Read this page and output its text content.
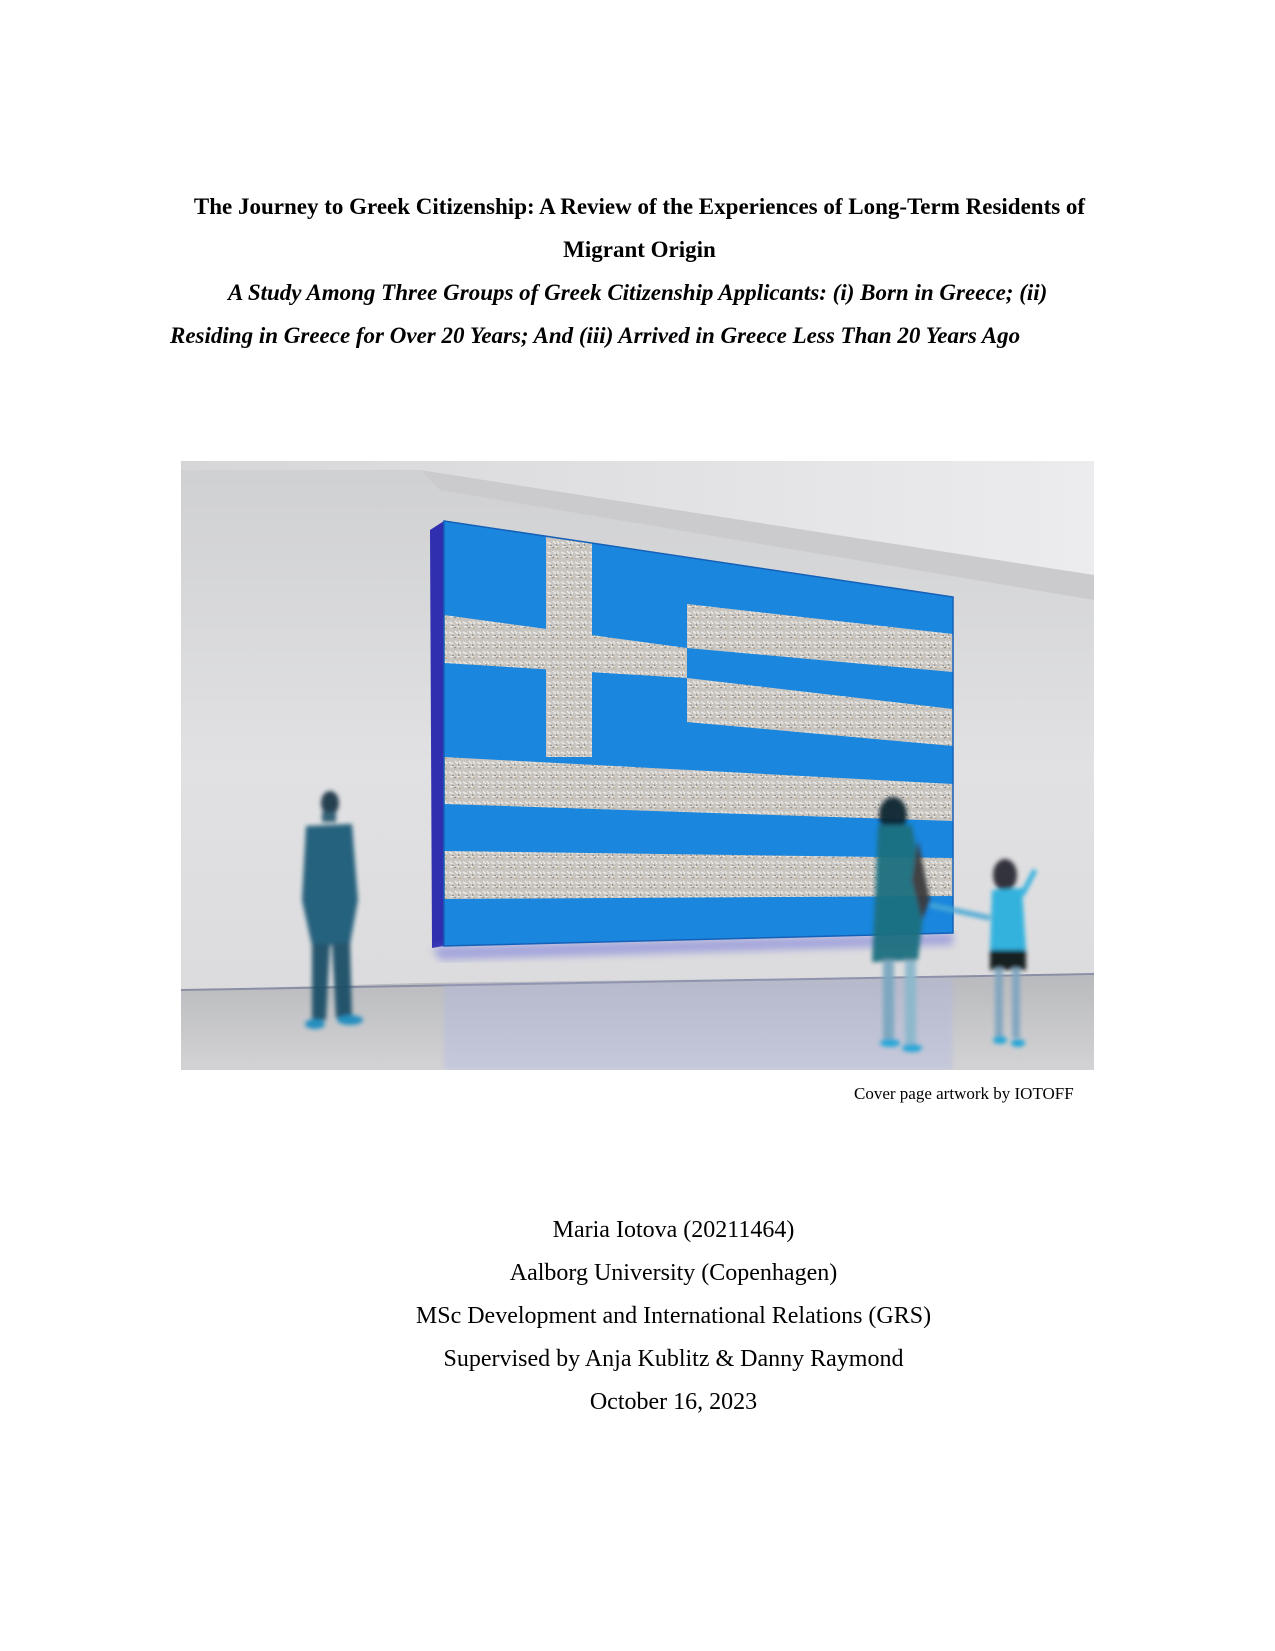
The Journey to Greek Citizenship: A Review of the Experiences of Long-Term Residents of
Migrant Origin
A Study Among Three Groups of Greek Citizenship Applicants: (i) Born in Greece; (ii)
Residing in Greece for Over 20 Years; And (iii) Arrived in Greece Less Than 20 Years Ago
Cover page artwork by IOTOFF
Maria Iotova (20211464)
Aalborg University (Copenhagen)
MSc Development and International Relations (GRS)
Supervised by Anja Kublitz & Danny Raymond
October 16, 2023
